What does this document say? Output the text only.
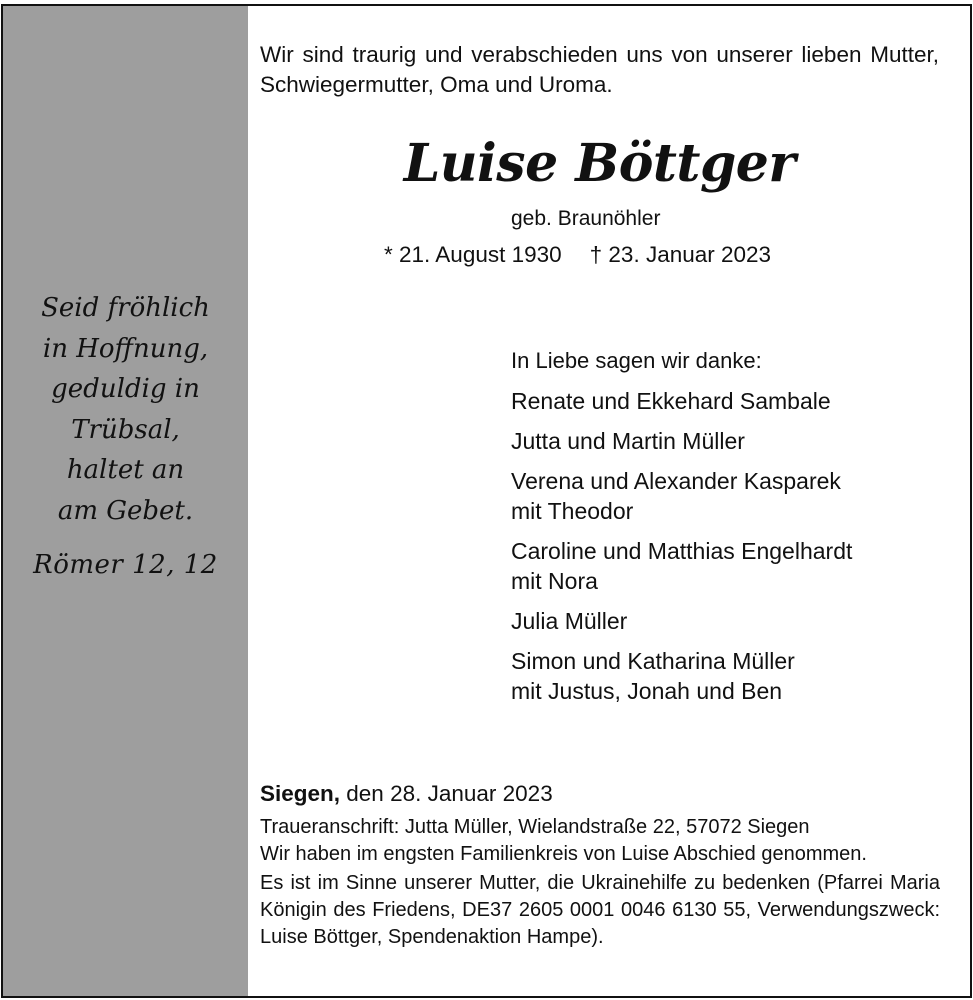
Seid fröhlich
in Hoffnung,
geduldig in
Trübsal,
haltet an
am Gebet.
Römer 12, 12
Wir sind traurig und verabschieden uns von unserer lieben Mutter, Schwiegermutter, Oma und Uroma.
Luise Böttger
geb. Braunöhler
* 21. August 1930 † 23. Januar 2023
In Liebe sagen wir danke:
Renate und Ekkehard Sambale
Jutta und Martin Müller
Verena und Alexander Kasparek
mit Theodor
Caroline und Matthias Engelhardt
mit Nora
Julia Müller
Simon und Katharina Müller
mit Justus, Jonah und Ben
Siegen, den 28. Januar 2023
Traueranschrift: Jutta Müller, Wielandstraße 22, 57072 Siegen
Wir haben im engsten Familienkreis von Luise Abschied genommen.
Es ist im Sinne unserer Mutter, die Ukrainehilfe zu bedenken (Pfarrei Maria Königin des Friedens, DE37 2605 0001 0046 6130 55, Verwendungszweck: Luise Böttger, Spendenaktion Hampe).
